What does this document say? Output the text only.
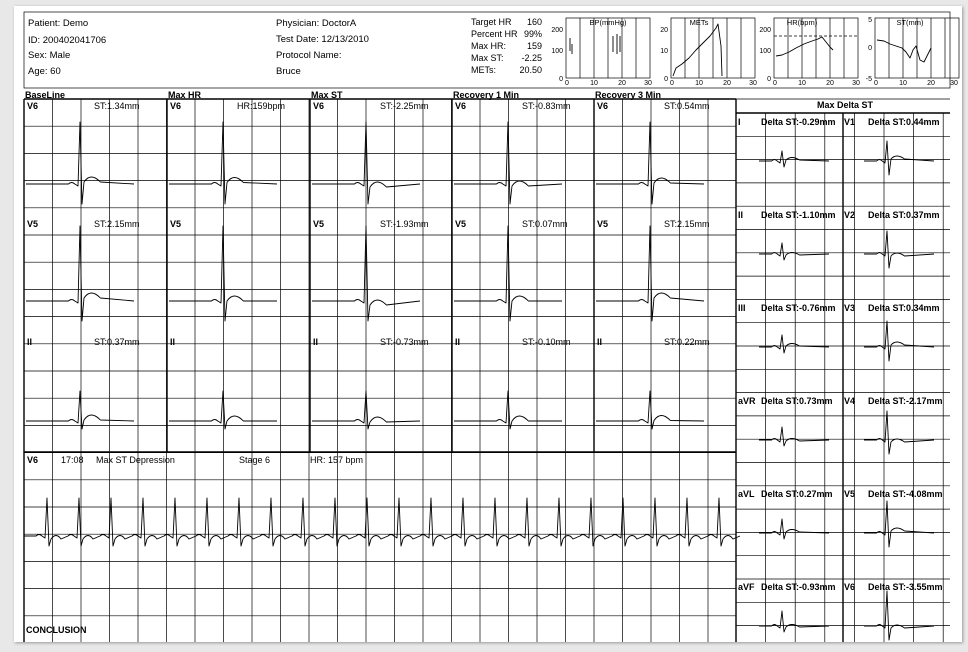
Patient: Demo
ID: 200402041706
Sex: Male
Age: 60
Physician: DoctorA
Test Date: 12/13/2010
Protocol Name:
Bruce
Target HR 160
Percent HR 99%
Max HR: 159
Max ST: -2.25
METs:	20.50
BP(mmHg)
200
100
0
0	10	20	30
METs
20
10
0
0	10	20	30
HR(bpm)
200
100
0
0	10	20	30
ST(mm)
5
0
-5
0	10	20 30
BaseLine	Max HR	Max ST	Recovery 1 Min	Recovery 3 Min
Max Delta ST
V6	ST:1.34mm	V6	HR:159bpm	V6	ST:-2.25mm	V6	ST:-0.83mm	V6	ST:0.54mm
V5	ST:2.15mm	V5	V5	ST:-1.93mm	V5	ST:0.07mm	V5	ST:2.15mm
II	ST:0.37mm	II	II	ST:-0.73mm	II	ST:-0.10mm	II	ST:0.22mm
V6	17:08 Max ST Depression	Stage 6	HR: 157 bpm
CONCLUSION
I Delta ST:-0.29mm V1 Delta ST:0.44mm
II Delta ST:-1.10mm V2 Delta ST:0.37mm
III Delta ST:-0.76mm V3 Delta ST:0.34mm
aVR Delta ST:0.73mm V4 Delta ST:-2.17mm
aVL Delta ST:0.27mm V5 Delta ST:-4.08mm
aVF Delta ST:-0.93mm V6 Delta ST:-3.55mm
